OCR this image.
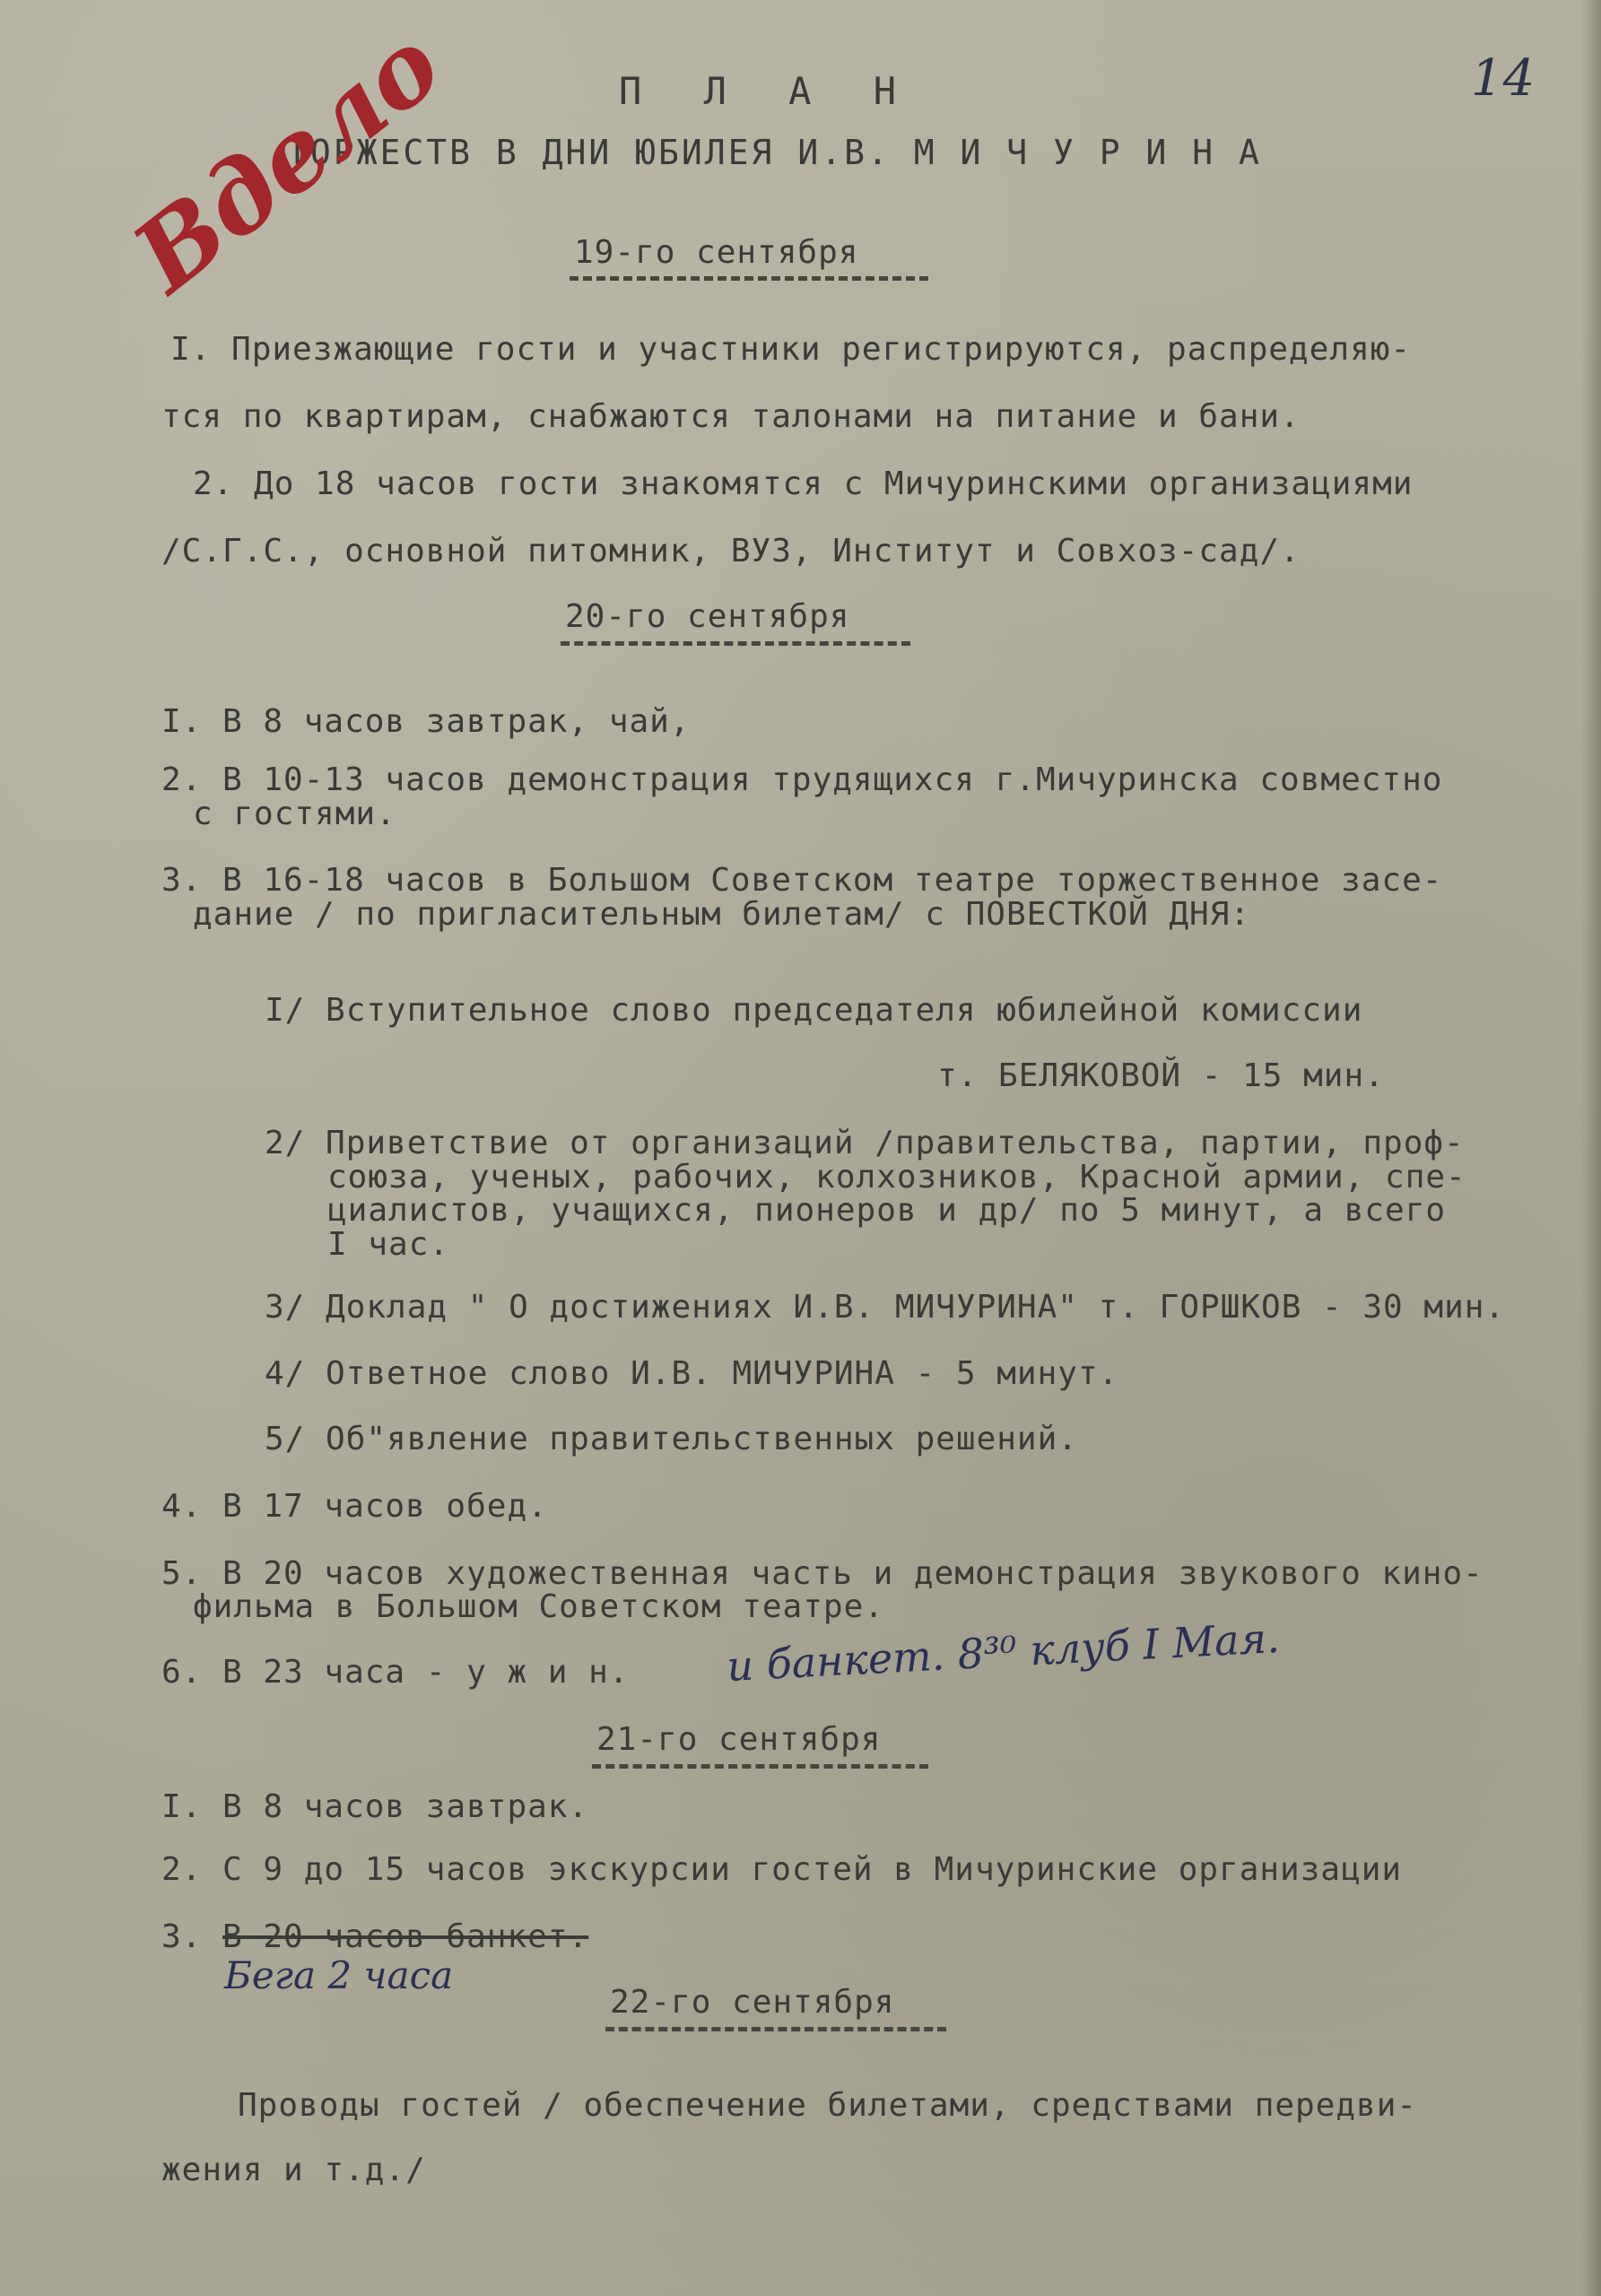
14
П Л А Н
ТОРЖЕСТВ В ДНИ ЮБИЛЕЯ И.В. М И Ч У Р И Н А
Вдело	19-го сентября
I. Приезжающие гости и участники регистрируются, распределяю-
тся по квартирам, снабжаются талонами на питание и бани.
2. До 18 часов гости знакомятся с Мичуринскими организациями
/С.Г.С., основной питомник, ВУЗ, Институт и Совхоз-сад/.
20-го сентября
I. В 8 часов завтрак, чай,
2. В 10-13 часов демонстрация трудящихся г.Мичуринска совместно
с гостями.
3. В 16-18 часов в Большом Советском театре торжественное засе-
дание / по пригласительным билетам/ с ПОВЕСТКОЙ ДНЯ:
I/ Вступительное слово председателя юбилейной комиссии
т. БЕЛЯКОВОЙ - 15 мин.
2/ Приветствие от организаций /правительства, партии, проф-
союза, ученых, рабочих, колхозников, Красной армии, спе-
циалистов, учащихся, пионеров и др/ по 5 минут, а всего
I час.
3/ Доклад " О достижениях И.В. МИЧУРИНА" т. ГОРШКОВ - 30 мин.
4/ Ответное слово И.В. МИЧУРИНА - 5 минут.
5/ Об"явление правительственных решений.
4. В 17 часов обед.
5. В 20 часов художественная часть и демонстрация звукового кино-
фильма в Большом Советском театре.
6. В 23 часа - у ж и н. и банкет. 8³⁰ клуб I Мая.
21-го сентября
I. В 8 часов завтрак.
2. С 9 до 15 часов экскурсии гостей в Мичуринские организации
3. В 20 часов банкет.
Бега 2 часа
22-го сентября
Проводы гостей / обеспечение билетами, средствами передви-
жения и т.д./
